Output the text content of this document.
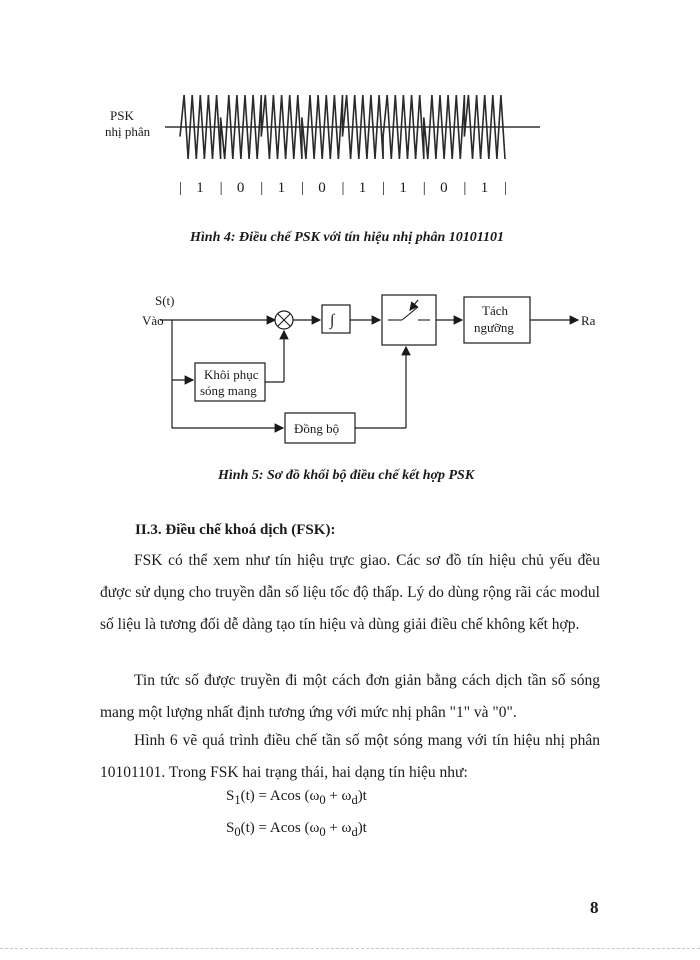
PSK
nhị phân
|	|	|	|	|	|	|	|	|
1 0 1 0 1 1 0 1
Hình 4: Điều chế PSK với tín hiệu nhị phân 10101101
S(t)
Vào	∫
Tách
ngưỡng	Ra
Khôi phục
sóng mang
Đồng bộ
Hình 5: Sơ đồ khối bộ điều chế kết hợp PSK
II.3. Điều chế khoá dịch (FSK):
FSK có thể xem như tín hiệu trực giao. Các sơ đồ tín hiệu chủ yếu đều được sử dụng cho truyền dẫn số liệu tốc độ thấp. Lý do dùng rộng rãi các modul số liệu là tương đối dễ dàng tạo tín hiệu và dùng giải điều chế không kết hợp.
Tin tức số được truyền đi một cách đơn giản bằng cách dịch tần số sóng mang một lượng nhất định tương ứng với mức nhị phân "1" và "0".
Hình 6 vẽ quá trình điều chế tần số một sóng mang với tín hiệu nhị phân 10101101. Trong FSK hai trạng thái, hai dạng tín hiệu như:
$S_1(t) = Acos$ $(\omega_0 + \omega_d)t$
$S_0(t) = Acos$ $(\omega_0 + \omega_d)t$
8
